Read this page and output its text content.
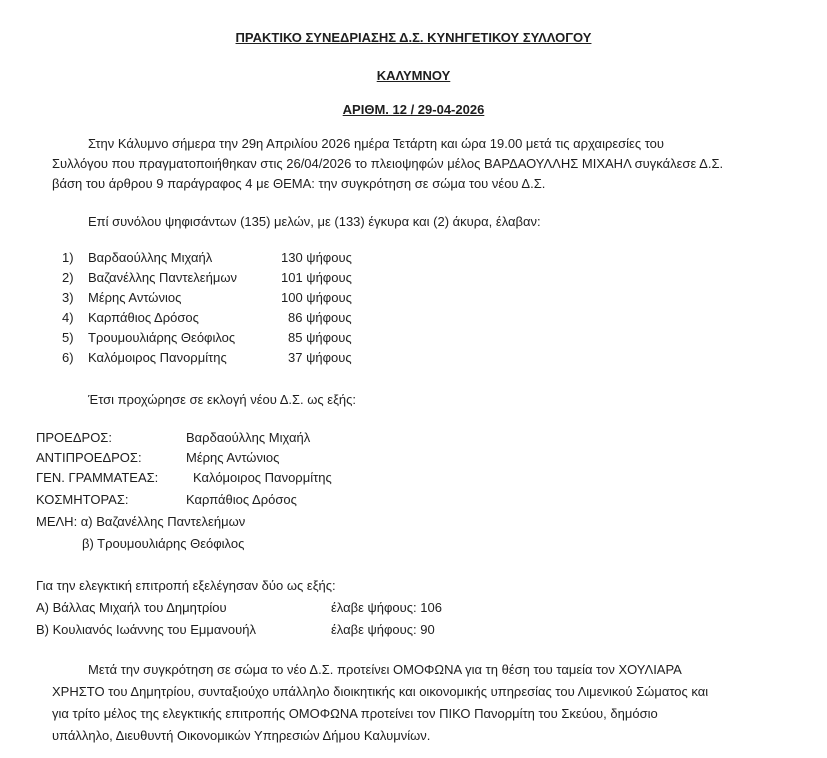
ΠΡΑΚΤΙΚΟ ΣΥΝΕΔΡΙΑΣΗΣ Δ.Σ. ΚΥΝΗΓΕΤΙΚΟΥ ΣΥΛΛΟΓΟΥ
ΚΑΛΥΜΝΟΥ
ΑΡΙΘΜ. 12 / 29-04-2026
Στην Κάλυμνο σήμερα την 29η Απριλίου 2026 ημέρα Τετάρτη και ώρα 19.00 μετά τις αρχαιρεσίες του
Συλλόγου που πραγματοποιήθηκαν στις 26/04/2026 το πλειοψηφών μέλος ΒΑΡΔΑΟΥΛΛΗΣ ΜΙΧΑΗΛ συγκάλεσε Δ.Σ.
βάση του άρθρου 9 παράγραφος 4 με ΘΕΜΑ: την συγκρότηση σε σώμα του νέου Δ.Σ.
Επί συνόλου ψηφισάντων (135) μελών, με (133) έγκυρα και (2) άκυρα, έλαβαν:
1) Βαρδαούλλης Μιχαήλ	130 ψήφους
2) Βαζανέλλης Παντελεήμων	101 ψήφους
3) Μέρης Αντώνιος	100 ψήφους
4) Καρπάθιος Δρόσος	86 ψήφους
5) Τρουμουλιάρης Θεόφιλος	85 ψήφους
6) Καλόμοιρος Πανορμίτης	37 ψήφους
Έτσι προχώρησε σε εκλογή νέου Δ.Σ. ως εξής:
ΠΡΟΕΔΡΟΣ:	Βαρδαούλλης Μιχαήλ
ΑΝΤΙΠΡΟΕΔΡΟΣ:	Μέρης Αντώνιος
ΓΕΝ. ΓΡΑΜΜΑΤΕΑΣ:	Καλόμοιρος Πανορμίτης
ΚΟΣΜΗΤΟΡΑΣ:	Καρπάθιος Δρόσος
ΜΕΛΗ: α) Βαζανέλλης Παντελεήμων
β) Τρουμουλιάρης Θεόφιλος
Για την ελεγκτική επιτροπή εξελέγησαν δύο ως εξής:
Α) Βάλλας Μιχαήλ του Δημητρίου	έλαβε ψήφους: 106
Β) Κουλιανός Ιωάννης του Εμμανουήλ	έλαβε ψήφους: 90
Μετά την συγκρότηση σε σώμα το νέο Δ.Σ. προτείνει ΟΜΟΦΩΝΑ για τη θέση του ταμεία τον ΧΟΥΛΙΑΡΑ
ΧΡΗΣΤΟ του Δημητρίου, συνταξιούχο υπάλληλο διοικητικής και οικονομικής υπηρεσίας του Λιμενικού Σώματος και
για τρίτο μέλος της ελεγκτικής επιτροπής ΟΜΟΦΩΝΑ προτείνει τον ΠΙΚΟ Πανορμίτη του Σκεύου, δημόσιο
υπάλληλο, Διευθυντή Οικονομικών Υπηρεσιών Δήμου Καλυμνίων.
